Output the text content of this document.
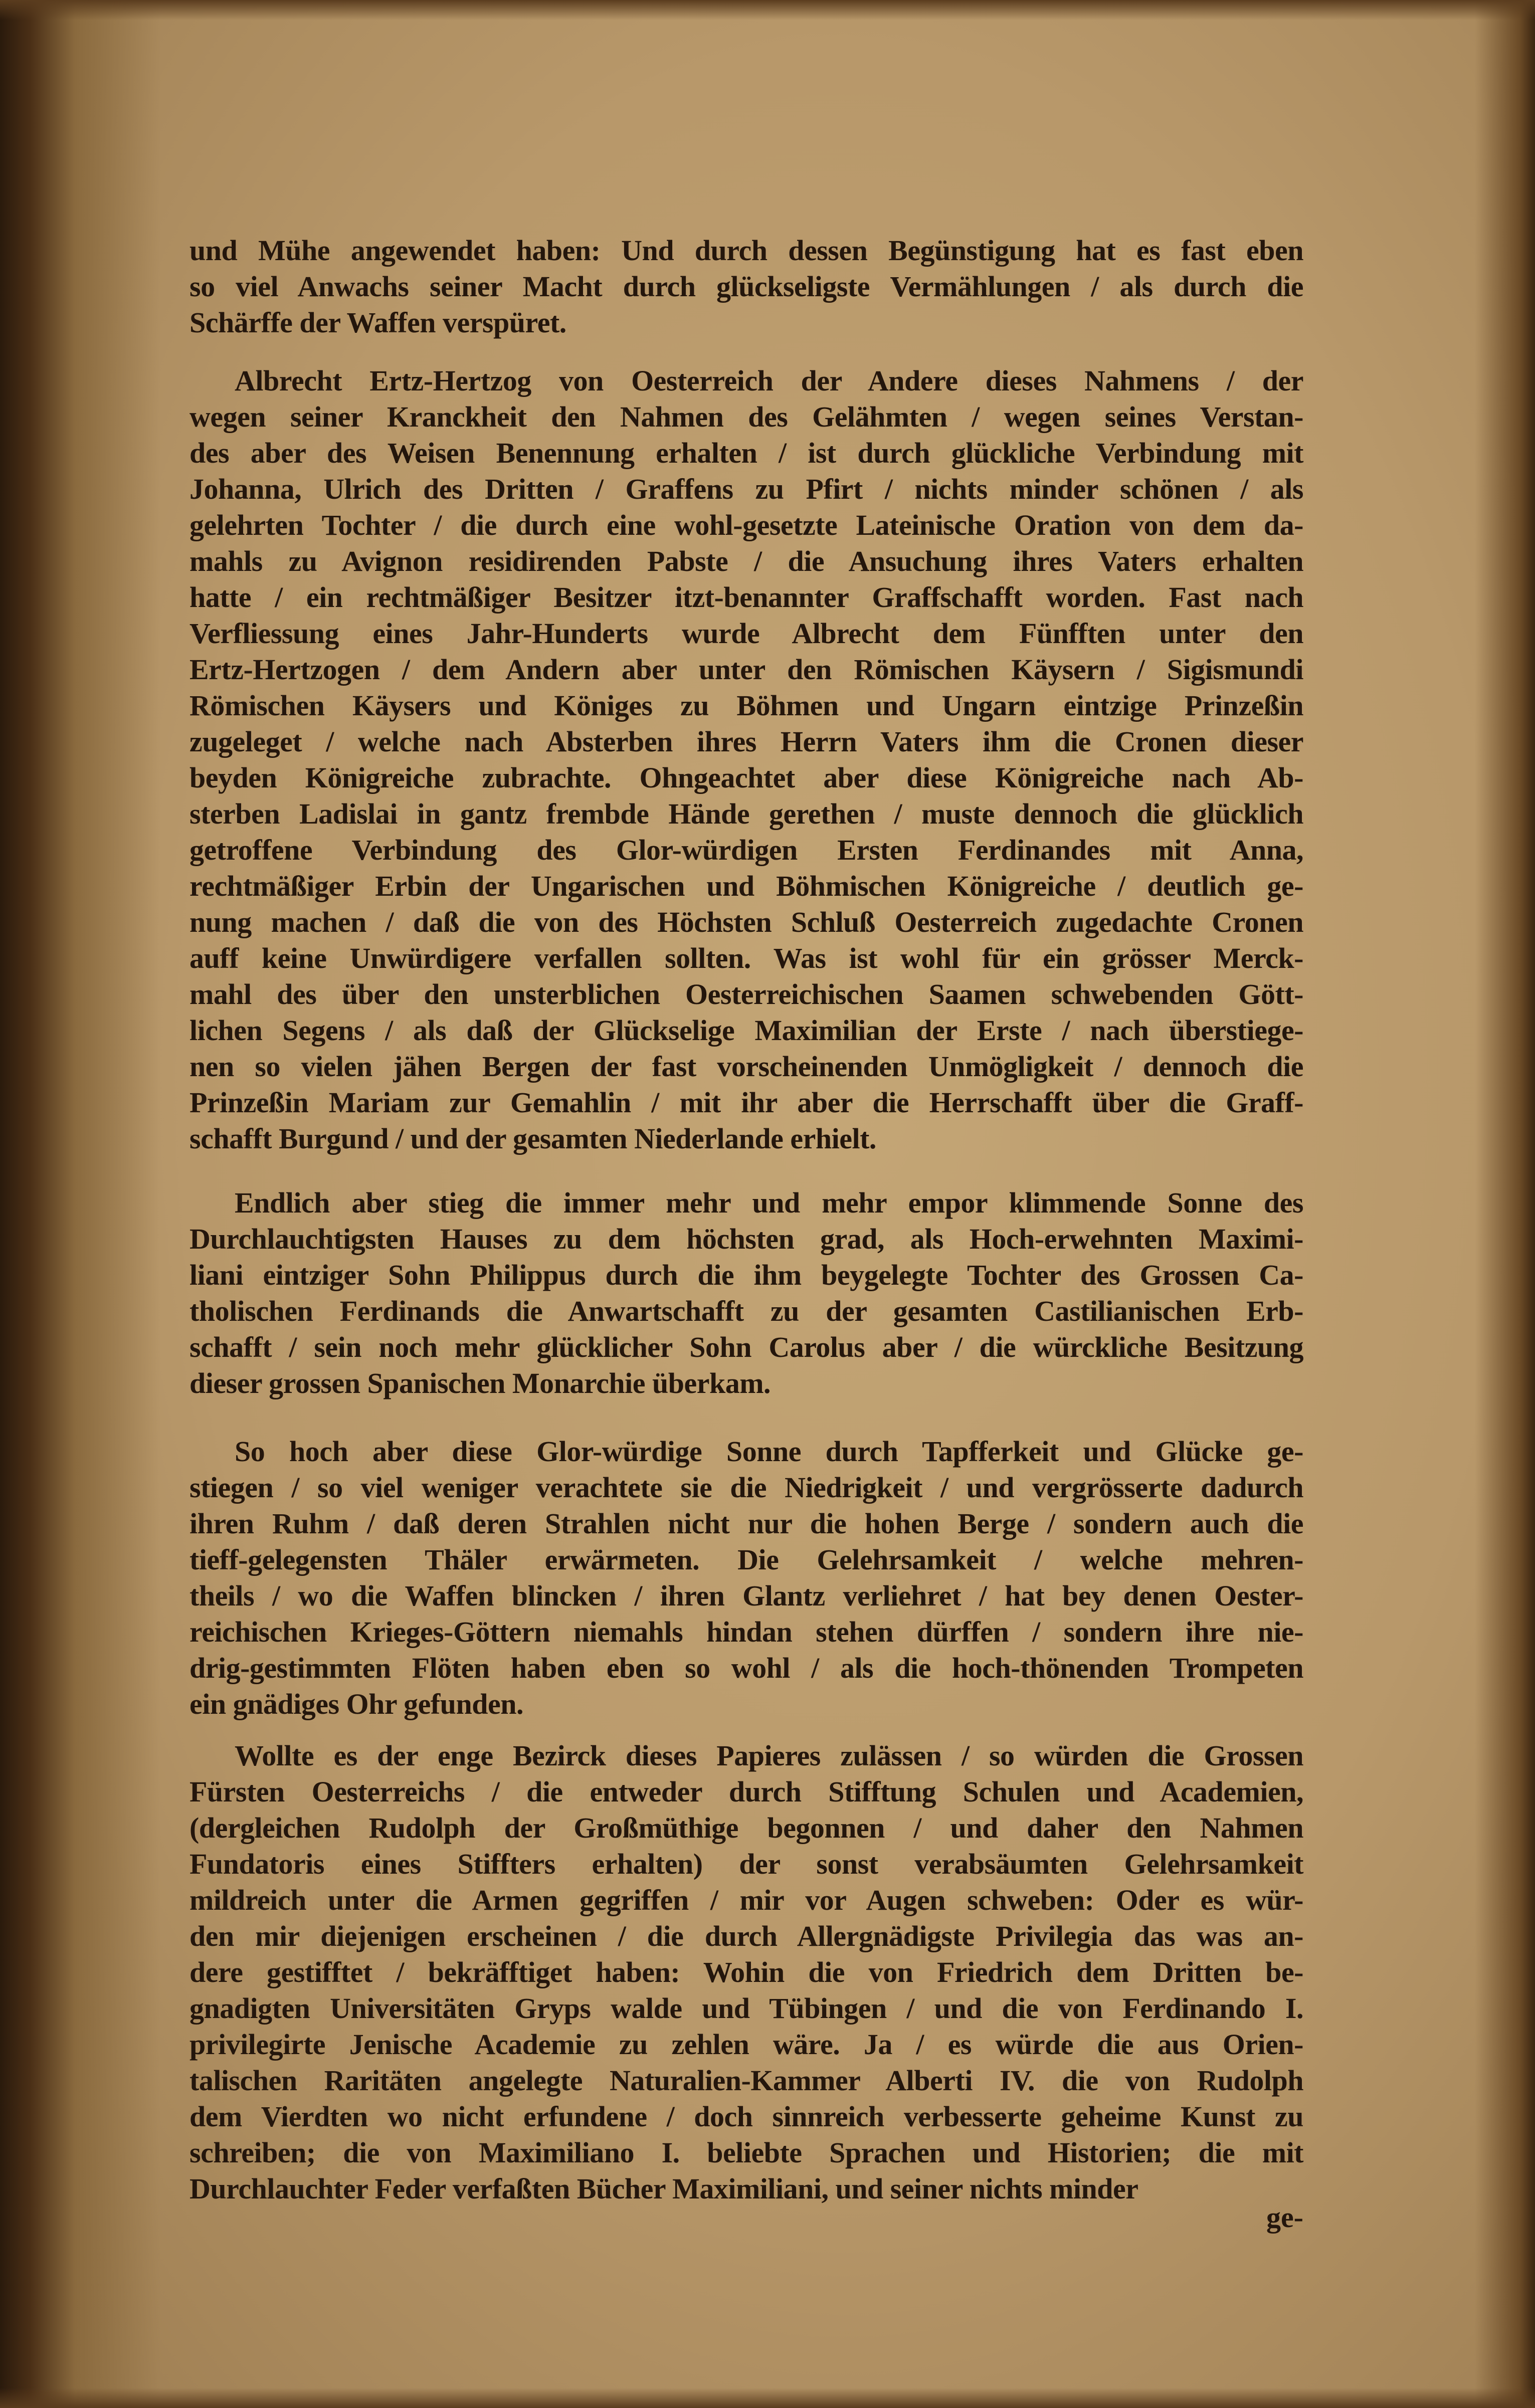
und Mühe angewendet haben: Und durch dessen Begünstigung hat es fast eben
so viel Anwachs seiner Macht durch glückseligste Vermählungen / als durch die
Schärffe der Waffen verspüret.
Albrecht Ertz-Hertzog von Oesterreich der Andere dieses Nahmens / der
wegen seiner Kranckheit den Nahmen des Gelähmten / wegen seines Verstan-
des aber des Weisen Benennung erhalten / ist durch glückliche Verbindung mit
Johanna, Ulrich des Dritten / Graffens zu Pfirt / nichts minder schönen / als
gelehrten Tochter / die durch eine wohl-gesetzte Lateinische Oration von dem da-
mahls zu Avignon residirenden Pabste / die Ansuchung ihres Vaters erhalten
hatte / ein rechtmäßiger Besitzer itzt-benannter Graffschafft worden. Fast nach
Verfliessung eines Jahr-Hunderts wurde Albrecht dem Fünfften unter den
Ertz-Hertzogen / dem Andern aber unter den Römischen Käysern / Sigismundi
Römischen Käysers und Königes zu Böhmen und Ungarn eintzige Prinzeßin
zugeleget / welche nach Absterben ihres Herrn Vaters ihm die Cronen dieser
beyden Königreiche zubrachte. Ohngeachtet aber diese Königreiche nach Ab-
sterben Ladislai in gantz frembde Hände gerethen / muste dennoch die glücklich
getroffene Verbindung des Glor-würdigen Ersten Ferdinandes mit Anna,
rechtmäßiger Erbin der Ungarischen und Böhmischen Königreiche / deutlich ge-
nung machen / daß die von des Höchsten Schluß Oesterreich zugedachte Cronen
auff keine Unwürdigere verfallen sollten. Was ist wohl für ein grösser Merck-
mahl des über den unsterblichen Oesterreichischen Saamen schwebenden Gött-
lichen Segens / als daß der Glückselige Maximilian der Erste / nach überstiege-
nen so vielen jähen Bergen der fast vorscheinenden Unmögligkeit / dennoch die
Prinzeßin Mariam zur Gemahlin / mit ihr aber die Herrschafft über die Graff-
schafft Burgund / und der gesamten Niederlande erhielt.
Endlich aber stieg die immer mehr und mehr empor klimmende Sonne des
Durchlauchtigsten Hauses zu dem höchsten grad, als Hoch-erwehnten Maximi-
liani eintziger Sohn Philippus durch die ihm beygelegte Tochter des Grossen Ca-
tholischen Ferdinands die Anwartschafft zu der gesamten Castilianischen Erb-
schafft / sein noch mehr glücklicher Sohn Carolus aber / die würckliche Besitzung
dieser grossen Spanischen Monarchie überkam.
So hoch aber diese Glor-würdige Sonne durch Tapfferkeit und Glücke ge-
stiegen / so viel weniger verachtete sie die Niedrigkeit / und vergrösserte dadurch
ihren Ruhm / daß deren Strahlen nicht nur die hohen Berge / sondern auch die
tieff-gelegensten Thäler erwärmeten. Die Gelehrsamkeit / welche mehren-
theils / wo die Waffen blincken / ihren Glantz verliehret / hat bey denen Oester-
reichischen Krieges-Göttern niemahls hindan stehen dürffen / sondern ihre nie-
drig-gestimmten Flöten haben eben so wohl / als die hoch-thönenden Trompeten
ein gnädiges Ohr gefunden.
Wollte es der enge Bezirck dieses Papieres zulässen / so würden die Grossen
Fürsten Oesterreichs / die entweder durch Stifftung Schulen und Academien,
(dergleichen Rudolph der Großmüthige begonnen / und daher den Nahmen
Fundatoris eines Stiffters erhalten) der sonst verabsäumten Gelehrsamkeit
mildreich unter die Armen gegriffen / mir vor Augen schweben: Oder es wür-
den mir diejenigen erscheinen / die durch Allergnädigste Privilegia das was an-
dere gestifftet / bekräfftiget haben: Wohin die von Friedrich dem Dritten be-
gnadigten Universitäten Gryps walde und Tübingen / und die von Ferdinando I.
privilegirte Jenische Academie zu zehlen wäre. Ja / es würde die aus Orien-
talischen Raritäten angelegte Naturalien-Kammer Alberti IV. die von Rudolph
dem Vierdten wo nicht erfundene / doch sinnreich verbesserte geheime Kunst zu
schreiben; die von Maximiliano I. beliebte Sprachen und Historien; die mit
Durchlauchter Feder verfaßten Bücher Maximiliani, und seiner nichts minder
ge-
